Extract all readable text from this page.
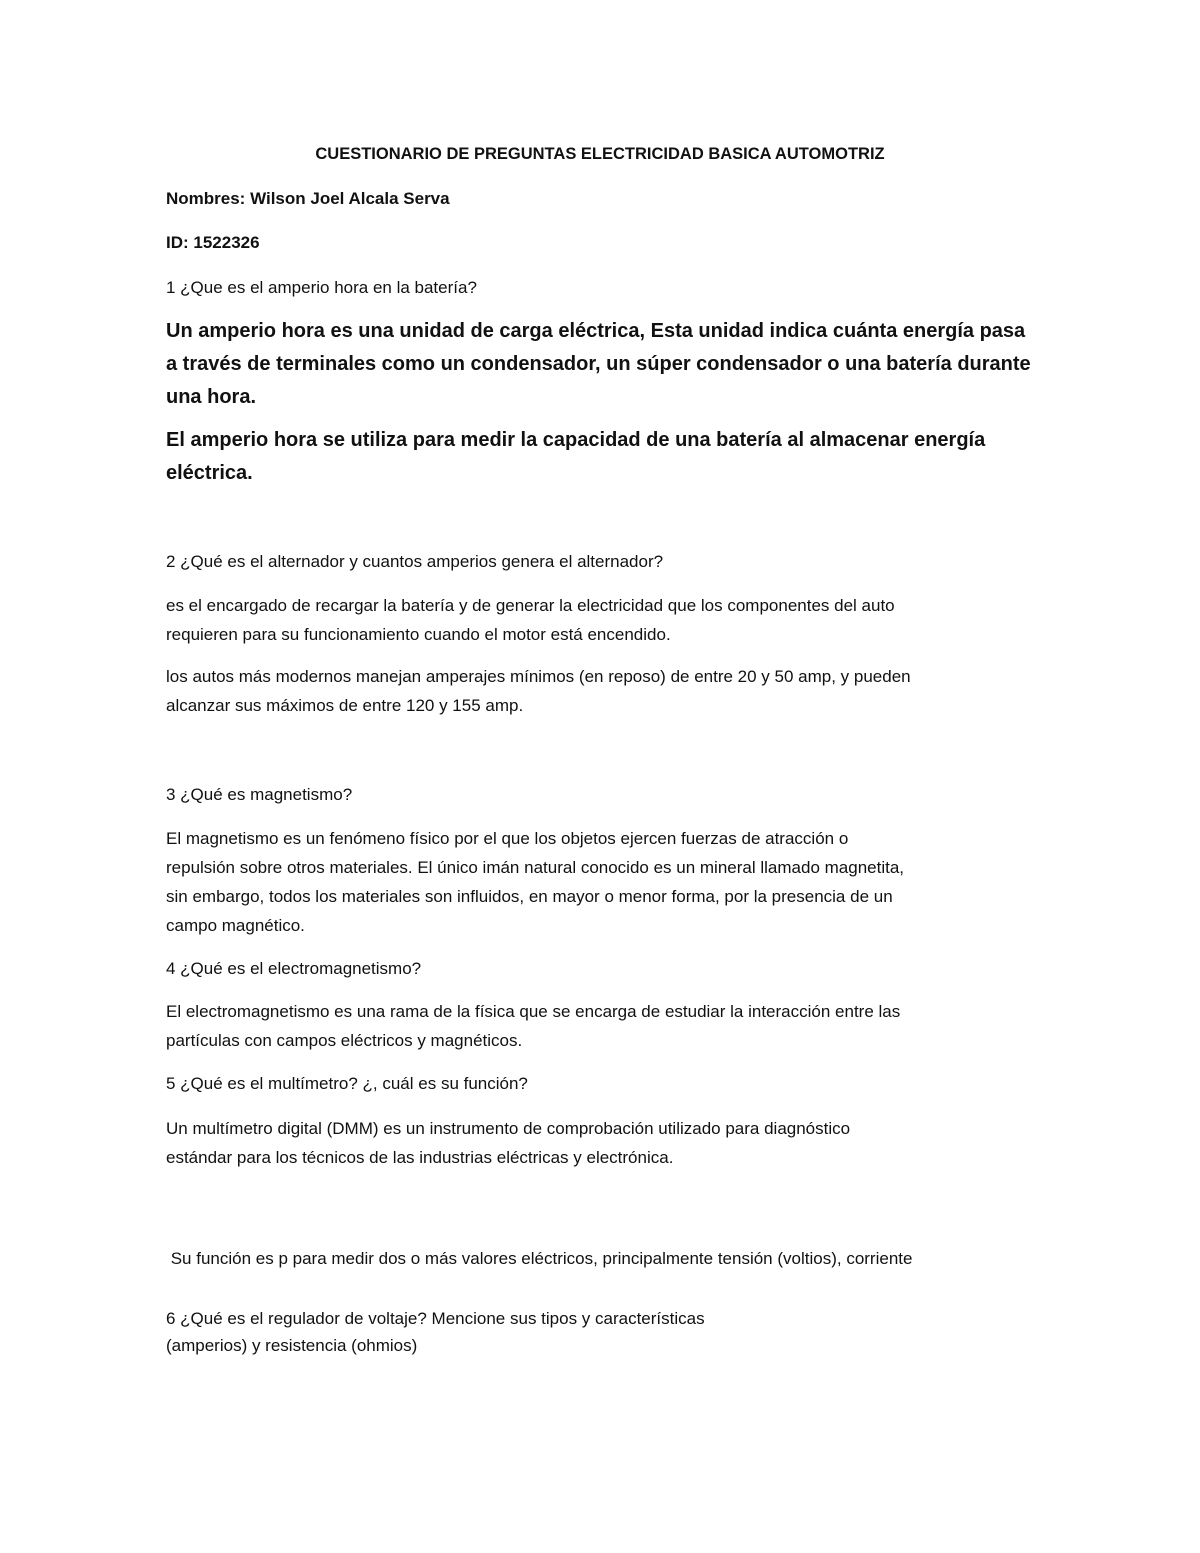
CUESTIONARIO DE PREGUNTAS ELECTRICIDAD BASICA AUTOMOTRIZ

Nombres: Wilson Joel Alcala Serva

ID: 1522326

1 ¿Que es el amperio hora en la batería?

Un amperio hora es una unidad de carga eléctrica, Esta unidad indica cuánta energía pasa
a través de terminales como un condensador, un súper condensador o una batería durante
una hora.
El amperio hora se utiliza para medir la capacidad de una batería al almacenar energía
eléctrica.

2 ¿Qué es el alternador y cuantos amperios genera el alternador?

es el encargado de recargar la batería y de generar la electricidad que los componentes del auto
requieren para su funcionamiento cuando el motor está encendido.
los autos más modernos manejan amperajes mínimos (en reposo) de entre 20 y 50 amp, y pueden
alcanzar sus máximos de entre 120 y 155 amp.

3 ¿Qué es magnetismo?

El magnetismo es un fenómeno físico por el que los objetos ejercen fuerzas de atracción o
repulsión sobre otros materiales. El único imán natural conocido es un mineral llamado magnetita,
sin embargo, todos los materiales son influidos, en mayor o menor forma, por la presencia de un
campo magnético.

4 ¿Qué es el electromagnetismo?

El electromagnetismo es una rama de la física que se encarga de estudiar la interacción entre las
partículas con campos eléctricos y magnéticos.

5 ¿Qué es el multímetro? ¿, cuál es su función?

Un multímetro digital (DMM) es un instrumento de comprobación utilizado para diagnóstico
estándar para los técnicos de las industrias eléctricas y electrónica.

Su función es p para medir dos o más valores eléctricos, principalmente tensión (voltios), corriente

(amperios) y resistencia (ohmios)

6 ¿Qué es el regulador de voltaje? Mencione sus tipos y características
